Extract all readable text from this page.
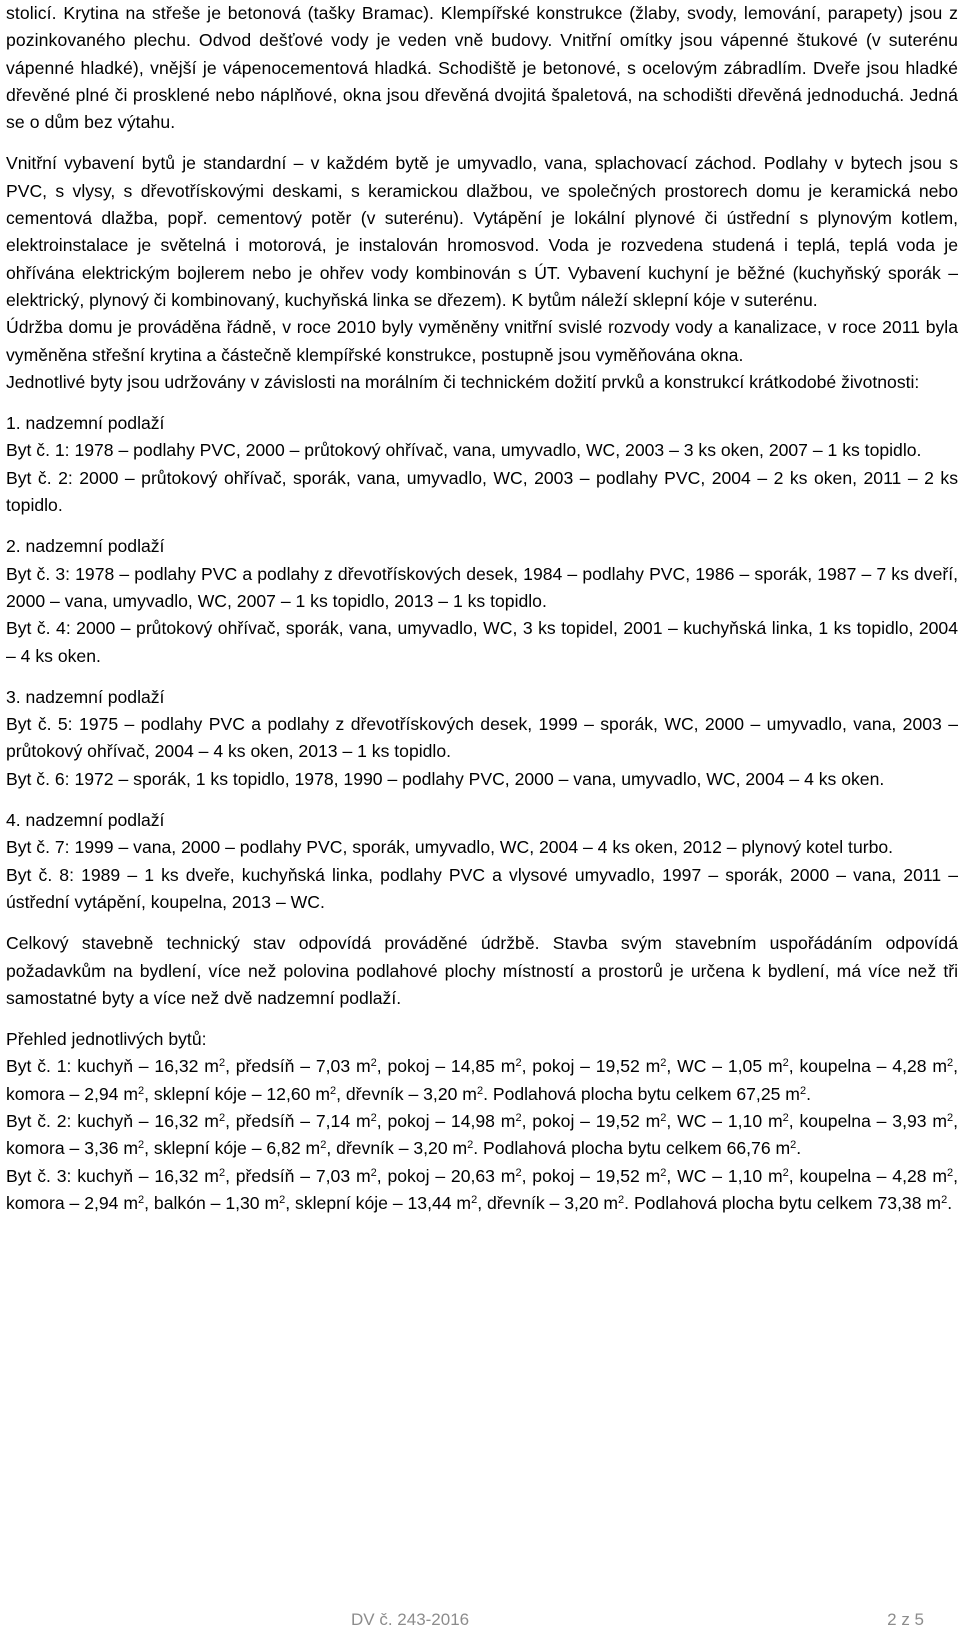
stolicí. Krytina na střeše je betonová (tašky Bramac). Klempířské konstrukce (žlaby, svody, lemování, parapety) jsou z pozinkovaného plechu. Odvod dešťové vody je veden vně budovy. Vnitřní omítky jsou vápenné štukové (v suterénu vápenné hladké), vnější je vápenocementová hladká. Schodiště je betonové, s ocelovým zábradlím. Dveře jsou hladké dřevěné plné či prosklené nebo náplňové, okna jsou dřevěná dvojitá špaletová, na schodišti dřevěná jednoduchá. Jedná se o dům bez výtahu.

Vnitřní vybavení bytů je standardní – v každém bytě je umyvadlo, vana, splachovací záchod. Podlahy v bytech jsou s PVC, s vlysy, s dřevotřískovými deskami, s keramickou dlažbou, ve společných prostorech domu je keramická nebo cementová dlažba, popř. cementový potěr (v suterénu). Vytápění je lokální plynové či ústřední s plynovým kotlem, elektroinstalace je světelná i motorová, je instalován hromosvod. Voda je rozvedena studená i teplá, teplá voda je ohřívána elektrickým bojlerem nebo je ohřev vody kombinován s ÚT. Vybavení kuchyní je běžné (kuchyňský sporák – elektrický, plynový či kombinovaný, kuchyňská linka se dřezem). K bytům náleží sklepní kóje v suterénu.

Údržba domu je prováděna řádně, v roce 2010 byly vyměněny vnitřní svislé rozvody vody a kanalizace, v roce 2011 byla vyměněna střešní krytina a částečně klempířské konstrukce, postupně jsou vyměňována okna.

Jednotlivé byty jsou udržovány v závislosti na morálním či technickém dožití prvků a konstrukcí krátkodobé životnosti:

1. nadzemní podlaží

Byt č. 1: 1978 – podlahy PVC, 2000 – průtokový ohřívač, vana, umyvadlo, WC, 2003 – 3 ks oken, 2007 – 1 ks topidlo.

Byt č. 2: 2000 – průtokový ohřívač, sporák, vana, umyvadlo, WC, 2003 – podlahy PVC, 2004 – 2 ks oken, 2011 – 2 ks topidlo.

2. nadzemní podlaží

Byt č. 3: 1978 – podlahy PVC a podlahy z dřevotřískových desek, 1984 – podlahy PVC, 1986 – sporák, 1987 – 7 ks dveří, 2000 – vana, umyvadlo, WC, 2007 – 1 ks topidlo, 2013 – 1 ks topidlo.

Byt č. 4: 2000 – průtokový ohřívač, sporák, vana, umyvadlo, WC, 3 ks topidel, 2001 – kuchyňská linka, 1 ks topidlo, 2004 – 4 ks oken.

3. nadzemní podlaží

Byt č. 5: 1975 – podlahy PVC a podlahy z dřevotřískových desek, 1999 – sporák, WC, 2000 – umyvadlo, vana, 2003 – průtokový ohřívač, 2004 – 4 ks oken, 2013 – 1 ks topidlo.

Byt č. 6: 1972 – sporák, 1 ks topidlo, 1978, 1990 – podlahy PVC, 2000 – vana, umyvadlo, WC, 2004 – 4 ks oken.

4. nadzemní podlaží

Byt č. 7: 1999 – vana, 2000 – podlahy PVC, sporák, umyvadlo, WC, 2004 – 4 ks oken, 2012 – plynový kotel turbo.

Byt č. 8: 1989 – 1 ks dveře, kuchyňská linka, podlahy PVC a vlysové umyvadlo, 1997 – sporák, 2000 – vana, 2011 – ústřední vytápění, koupelna, 2013 – WC.

Celkový stavebně technický stav odpovídá prováděné údržbě. Stavba svým stavebním uspořádáním odpovídá požadavkům na bydlení, více než polovina podlahové plochy místností a prostorů je určena k bydlení, má více než tři samostatné byty a více než dvě nadzemní podlaží.

Přehled jednotlivých bytů:

Byt č. 1: kuchyň – 16,32 $m^2$, předsíň – 7,03 $m^2$, pokoj – 14,85 $m^2$, pokoj – 19,52 $m^2$, WC – 1,05 $m^2$, koupelna – 4,28 $m^2$, komora – 2,94 $m^2$, sklepní kóje – 12,60 $m^2$, dřevník – 3,20 $m^2$. Podlahová plocha bytu celkem 67,25 $m^2$.

Byt č. 2: kuchyň – 16,32 $m^2$, předsíň – 7,14 $m^2$, pokoj – 14,98 $m^2$, pokoj – 19,52 $m^2$, WC – 1,10 $m^2$, koupelna – 3,93 $m^2$, komora – 3,36 $m^2$, sklepní kóje – 6,82 $m^2$, dřevník – 3,20 $m^2$. Podlahová plocha bytu celkem 66,76 $m^2$.

Byt č. 3: kuchyň – 16,32 $m^2$, předsíň – 7,03 $m^2$, pokoj – 20,63 $m^2$, pokoj – 19,52 $m^2$, WC – 1,10 $m^2$, koupelna – 4,28 $m^2$, komora – 2,94 $m^2$, balkón – 1,30 $m^2$, sklepní kóje – 13,44 $m^2$, dřevník – 3,20 $m^2$. Podlahová plocha bytu celkem 73,38 $m^2$.

DV č. 243-2016	2 z 5
